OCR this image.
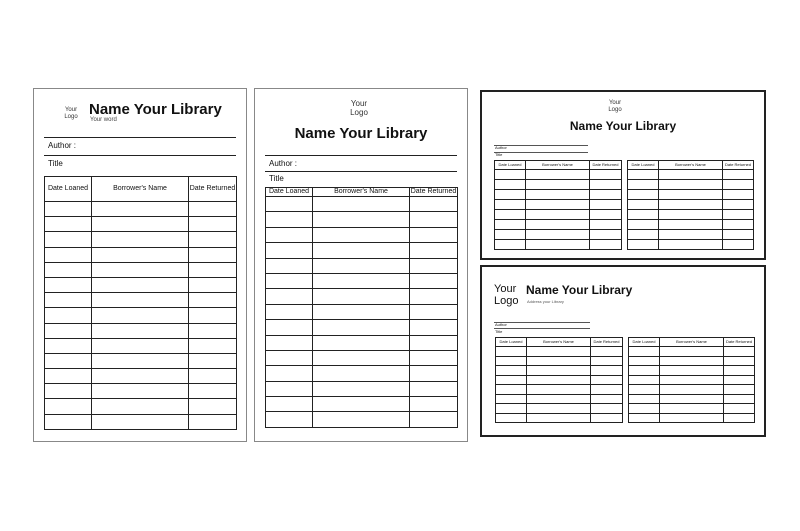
Your Logo Name Your Library
Your word
Author :
Title
Date Loaned	Borrower's Name	Date Returned

Your Logo
Name Your Library
Author :
Title
Date Loaned	Borrower's Name	Date Returned

Your Logo
Name Your Library
Author
Title
Date Loaned	Borrower's Name	Date Returned

			Date Loaned	Borrower's Name	Date Returned

Your Logo
Name Your Library
Address your Library
Author
Title
Date Loaned	Borrower's Name	Date Returned

			Date Loaned	Borrower's Name	Date Returned
